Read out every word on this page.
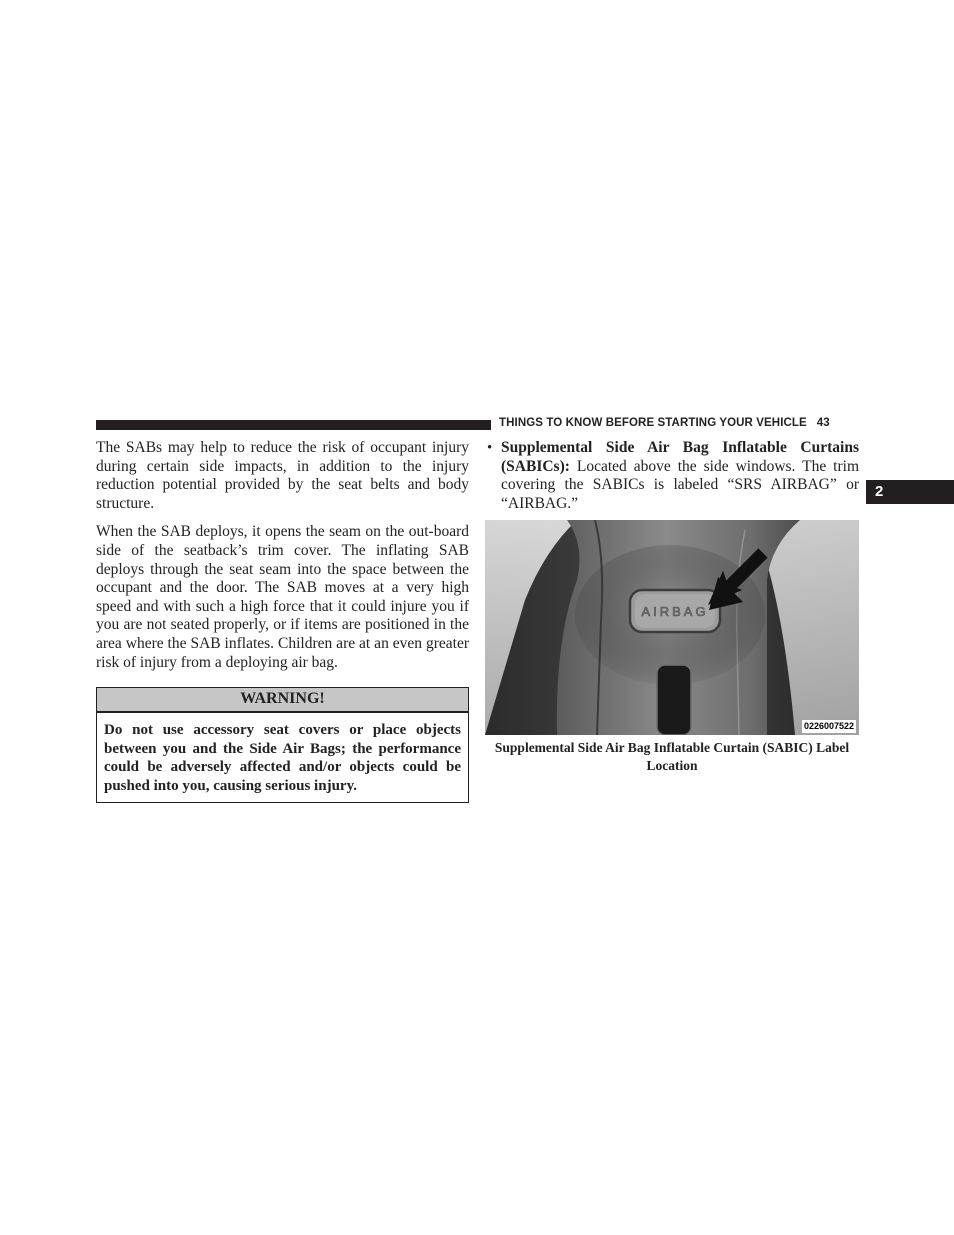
THINGS TO KNOW BEFORE STARTING YOUR VEHICLE 43
2

The SABs may help to reduce the risk of occupant injury during certain side impacts, in addition to the injury reduction potential provided by the seat belts and body structure.

When the SAB deploys, it opens the seam on the out-board side of the seatback’s trim cover. The inflating SAB deploys through the seat seam into the space between the occupant and the door. The SAB moves at a very high speed and with such a high force that it could injure you if you are not seated properly, or if items are positioned in the area where the SAB inflates. Children are at an even greater risk of injury from a deploying air bag.

WARNING!

Do not use accessory seat covers or place objects between you and the Side Air Bags; the performance could be adversely affected and/or objects could be pushed into you, causing serious injury.

• Supplemental Side Air Bag Inflatable Curtains (SABICs): Located above the side windows. The trim covering the SABICs is labeled “SRS AIRBAG” or “AIRBAG.”

AIRBAG
0226007522

Supplemental Side Air Bag Inflatable Curtain (SABIC) Label Location
